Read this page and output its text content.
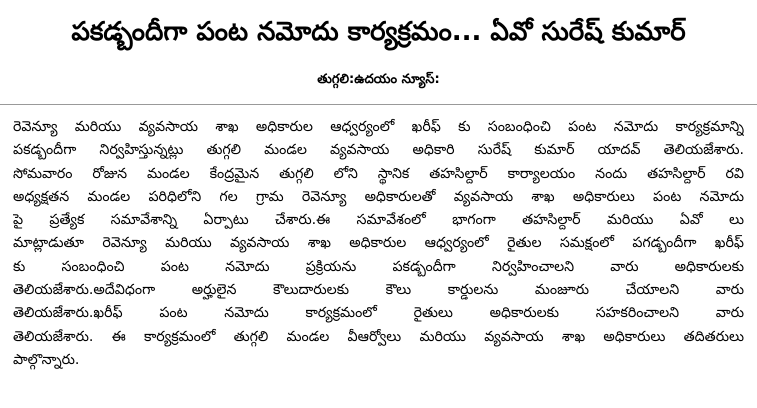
పకడ్బందీగా పంట నమోదు కార్యక్రమం... ఏవో సురేష్ కుమార్
తుగ్గలి:ఉదయం న్యూస్:
రెవెన్యూ మరియు వ్యవసాయ శాఖ అధికారుల ఆధ్వర్యంలో ఖరీఫ్ కు సంబంధించి పంట నమోదు కార్యక్రమాన్ని
పకడ్బందీగా నిర్వహిస్తున్నట్లు తుగ్గలి మండల వ్యవసాయ అధికారి సురేష్ కుమార్ యాదవ్ తెలియజేశారు.
సోమవారం రోజున మండల కేంద్రమైన తుగ్గలి లోని స్థానిక తహసిల్దార్ కార్యాలయం నందు తహసిల్దార్ రవి
అధ్యక్షతన మండల పరిధిలోని గల గ్రామ రెవెన్యూ అధికారులతో వ్యవసాయ శాఖ అధికారులు పంట నమోదు
పై ప్రత్యేక సమావేశాన్ని ఏర్పాటు చేశారు.ఈ సమావేశంలో భాగంగా తహసిల్దార్ మరియు ఏవో లు
మాట్లాడుతూ రెవెన్యూ మరియు వ్యవసాయ శాఖ అధికారుల ఆధ్వర్యంలో రైతుల సమక్షంలో పగడ్బందీగా ఖరీఫ్
కు సంబంధించి పంట నమోదు ప్రక్రియను పకడ్బందీగా నిర్వహించాలని వారు అధికారులకు
తెలియజేశారు.అదేవిధంగా అర్హులైన కౌలుదారులకు కౌలు కార్డులను మంజూరు చేయాలని వారు
తెలియజేశారు.ఖరీఫ్ పంట నమోదు కార్యక్రమంలో రైతులు అధికారులకు సహకరించాలని వారు
తెలియజేశారు. ఈ కార్యక్రమంలో తుగ్గలి మండల వీఆర్వోలు మరియు వ్యవసాయ శాఖ అధికారులు తదితరులు
పాల్గొన్నారు.
